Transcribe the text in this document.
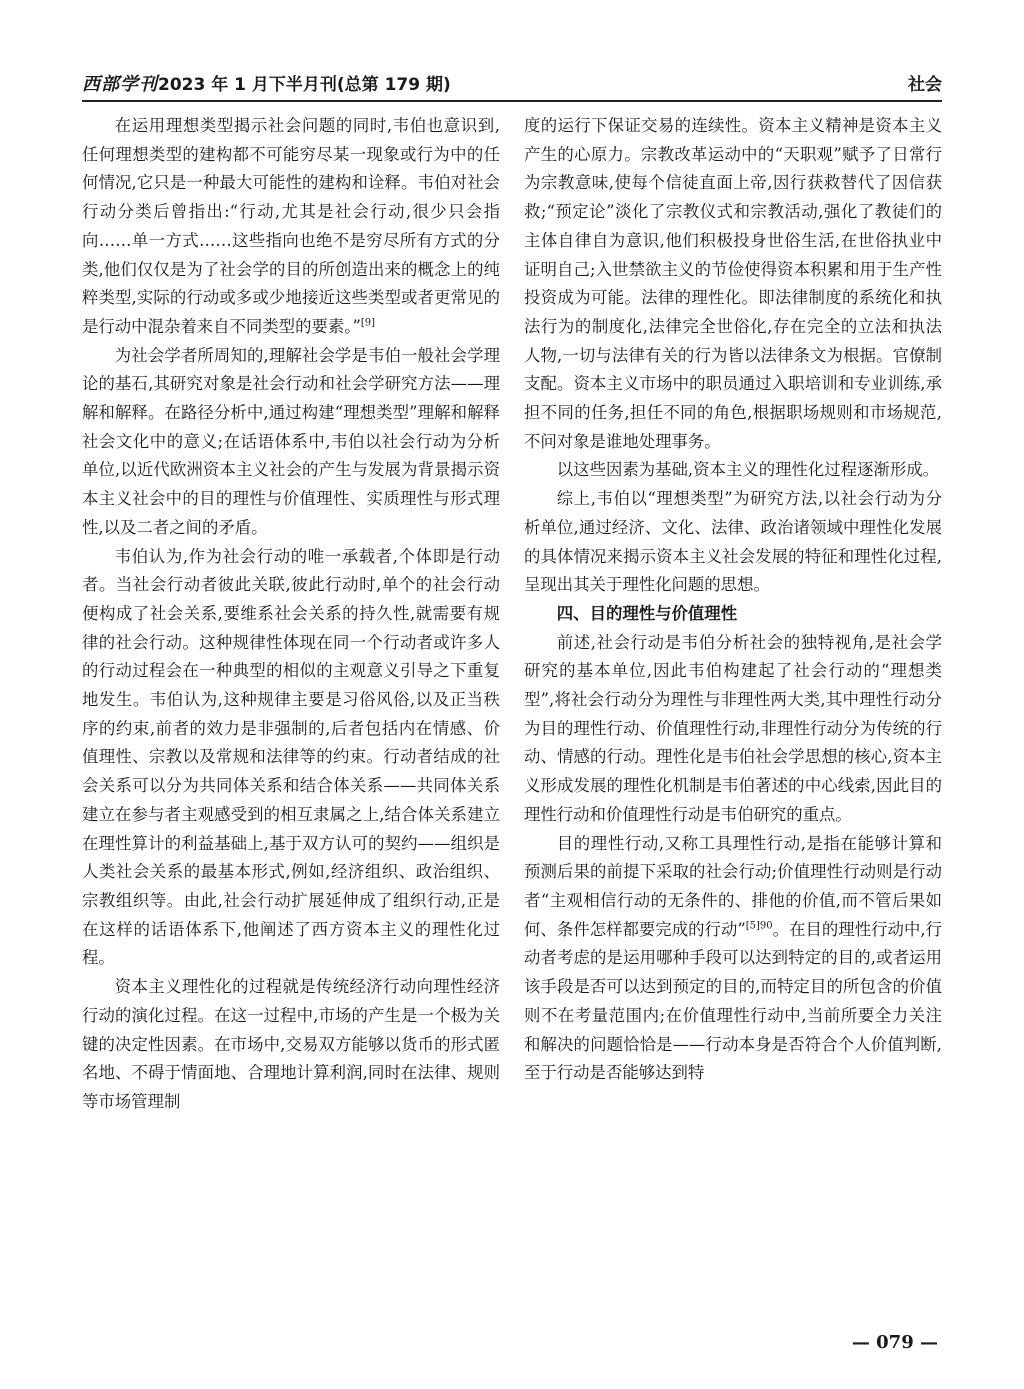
西部学刊2023 年 1 月下半月刊(总第 179 期)	社会

在运用理想类型揭示社会问题的同时,韦伯也意识到,任何理想类型的建构都不可能穷尽某一现象或行为中的任何情况,它只是一种最大可能性的建构和诠释。韦伯对社会行动分类后曾指出:“行动,尤其是社会行动,很少只会指向……单一方式……这些指向也绝不是穷尽所有方式的分类,他们仅仅是为了社会学的目的所创造出来的概念上的纯粹类型,实际的行动或多或少地接近这些类型或者更常见的是行动中混杂着来自不同类型的要素。”[9]

为社会学者所周知的,理解社会学是韦伯一般社会学理论的基石,其研究对象是社会行动和社会学研究方法——理解和解释。在路径分析中,通过构建“理想类型”理解和解释社会文化中的意义;在话语体系中,韦伯以社会行动为分析单位,以近代欧洲资本主义社会的产生与发展为背景揭示资本主义社会中的目的理性与价值理性、实质理性与形式理性,以及二者之间的矛盾。

韦伯认为,作为社会行动的唯一承载者,个体即是行动者。当社会行动者彼此关联,彼此行动时,单个的社会行动便构成了社会关系,要维系社会关系的持久性,就需要有规律的社会行动。这种规律性体现在同一个行动者或许多人的行动过程会在一种典型的相似的主观意义引导之下重复地发生。韦伯认为,这种规律主要是习俗风俗,以及正当秩序的约束,前者的效力是非强制的,后者包括内在情感、价值理性、宗教以及常规和法律等的约束。行动者结成的社会关系可以分为共同体关系和结合体关系——共同体关系建立在参与者主观感受到的相互隶属之上,结合体关系建立在理性算计的利益基础上,基于双方认可的契约——组织是人类社会关系的最基本形式,例如,经济组织、政治组织、宗教组织等。由此,社会行动扩展延伸成了组织行动,正是在这样的话语体系下,他阐述了西方资本主义的理性化过程。

资本主义理性化的过程就是传统经济行动向理性经济行动的演化过程。在这一过程中,市场的产生是一个极为关键的决定性因素。在市场中,交易双方能够以货币的形式匿名地、不碍于情面地、合理地计算利润,同时在法律、规则等市场管理制

度的运行下保证交易的连续性。资本主义精神是资本主义产生的心原力。宗教改革运动中的“天职观”赋予了日常行为宗教意味,使每个信徒直面上帝,因行获救替代了因信获救;“预定论”淡化了宗教仪式和宗教活动,强化了教徒们的主体自律自为意识,他们积极投身世俗生活,在世俗执业中证明自己;入世禁欲主义的节俭使得资本积累和用于生产性投资成为可能。法律的理性化。即法律制度的系统化和执法行为的制度化,法律完全世俗化,存在完全的立法和执法人物,一切与法律有关的行为皆以法律条文为根据。官僚制支配。资本主义市场中的职员通过入职培训和专业训练,承担不同的任务,担任不同的角色,根据职场规则和市场规范,不问对象是谁地处理事务。

以这些因素为基础,资本主义的理性化过程逐渐形成。

综上,韦伯以“理想类型”为研究方法,以社会行动为分析单位,通过经济、文化、法律、政治诸领域中理性化发展的具体情况来揭示资本主义社会发展的特征和理性化过程,呈现出其关于理性化问题的思想。

四、目的理性与价值理性

前述,社会行动是韦伯分析社会的独特视角,是社会学研究的基本单位,因此韦伯构建起了社会行动的“理想类型”,将社会行动分为理性与非理性两大类,其中理性行动分为目的理性行动、价值理性行动,非理性行动分为传统的行动、情感的行动。理性化是韦伯社会学思想的核心,资本主义形成发展的理性化机制是韦伯著述的中心线索,因此目的理性行动和价值理性行动是韦伯研究的重点。

目的理性行动,又称工具理性行动,是指在能够计算和预测后果的前提下采取的社会行动;价值理性行动则是行动者“主观相信行动的无条件的、排他的价值,而不管后果如何、条件怎样都要完成的行动”$^{[5]90}$。在目的理性行动中,行动者考虑的是运用哪种手段可以达到特定的目的,或者运用该手段是否可以达到预定的目的,而特定目的所包含的价值则不在考量范围内;在价值理性行动中,当前所要全力关注和解决的问题恰恰是——行动本身是否符合个人价值判断,至于行动是否能够达到特

— 079 —
